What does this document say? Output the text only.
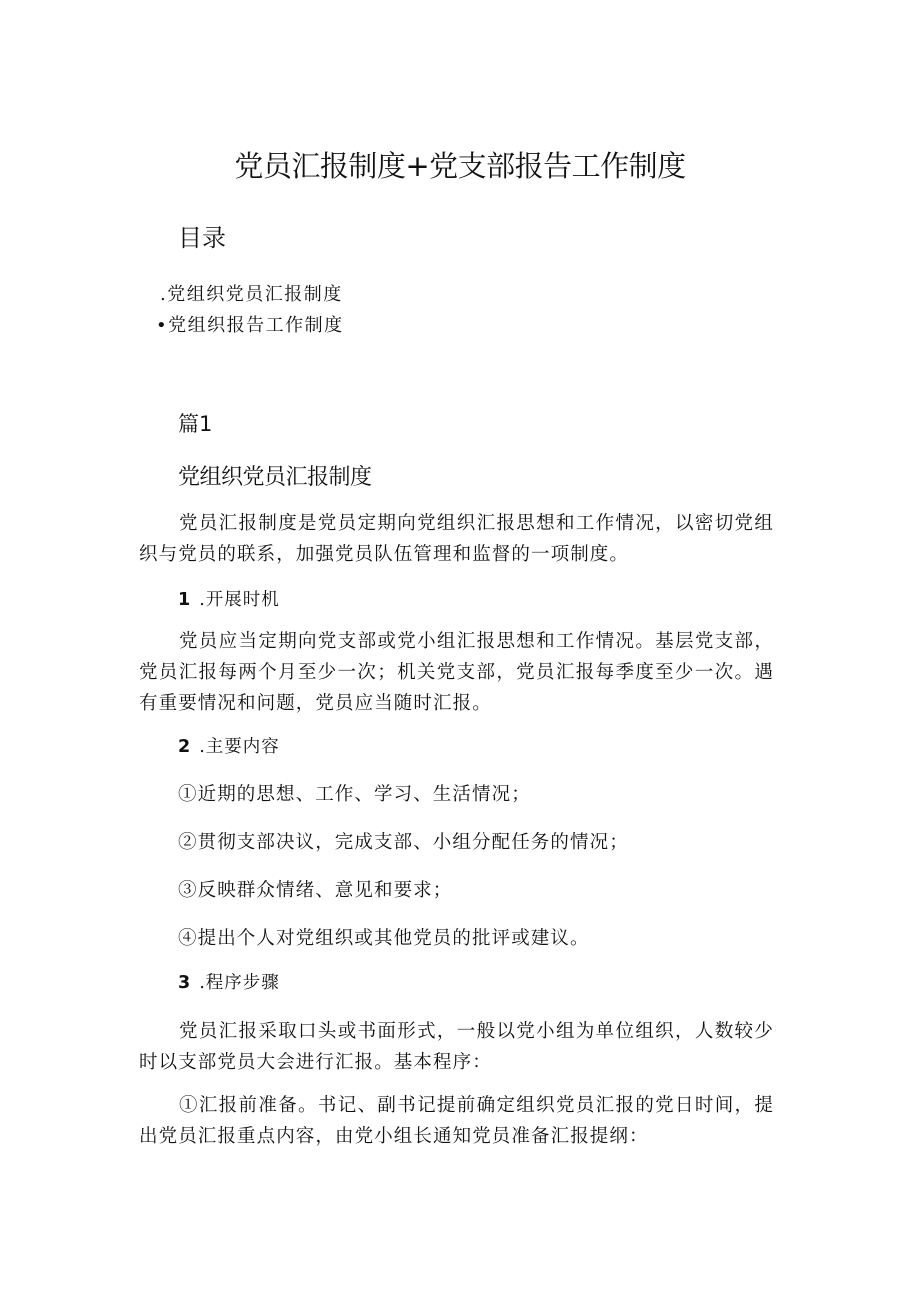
党员汇报制度+党支部报告工作制度
目录
.党组织党员汇报制度
•党组织报告工作制度
篇1
党组织党员汇报制度
党员汇报制度是党员定期向党组织汇报思想和工作情况，以密切党组织与党员的联系，加强党员队伍管理和监督的一项制度。
1 .开展时机
党员应当定期向党支部或党小组汇报思想和工作情况。基层党支部，党员汇报每两个月至少一次；机关党支部，党员汇报每季度至少一次。遇有重要情况和问题，党员应当随时汇报。
2 .主要内容
①近期的思想、工作、学习、生活情况；
②贯彻支部决议，完成支部、小组分配任务的情况；
③反映群众情绪、意见和要求；
④提出个人对党组织或其他党员的批评或建议。
3 .程序步骤
党员汇报采取口头或书面形式，一般以党小组为单位组织，人数较少时以支部党员大会进行汇报。基本程序：
①汇报前准备。书记、副书记提前确定组织党员汇报的党日时间，提出党员汇报重点内容，由党小组长通知党员准备汇报提纲：
